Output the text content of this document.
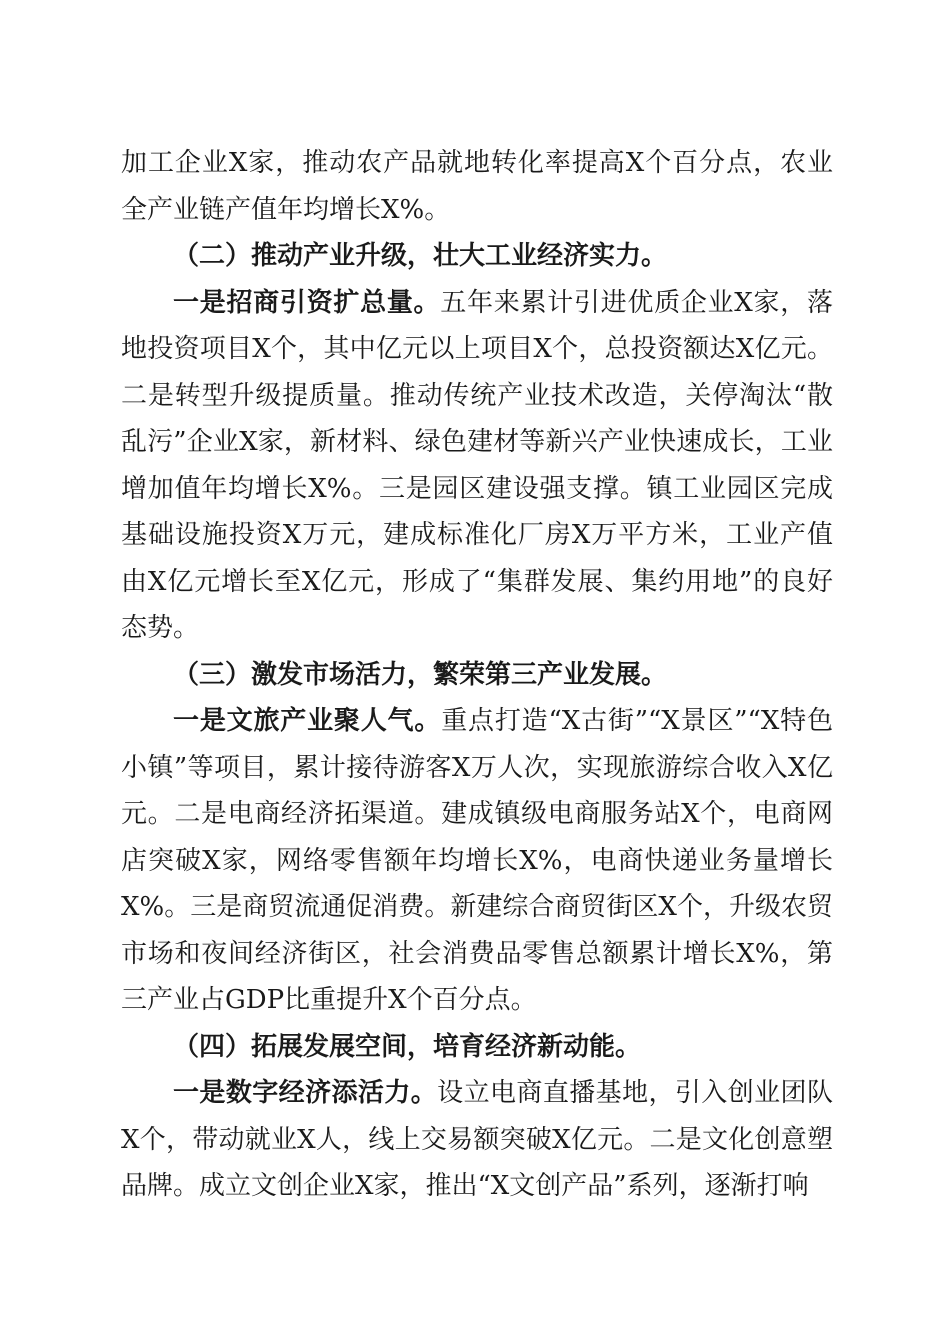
加工企业X家，推动农产品就地转化率提高X个百分点，农业全产业链产值年均增长X%。

（二）推动产业升级，壮大工业经济实力。

一是招商引资扩总量。五年来累计引进优质企业X家，落地投资项目X个，其中亿元以上项目X个，总投资额达X亿元。二是转型升级提质量。推动传统产业技术改造，关停淘汰“散乱污”企业X家，新材料、绿色建材等新兴产业快速成长，工业增加值年均增长X%。三是园区建设强支撑。镇工业园区完成基础设施投资X万元，建成标准化厂房X万平方米，工业产值由X亿元增长至X亿元，形成了“集群发展、集约用地”的良好态势。

（三）激发市场活力，繁荣第三产业发展。

一是文旅产业聚人气。重点打造“X古街”“X景区”“X特色小镇”等项目，累计接待游客X万人次，实现旅游综合收入X亿元。二是电商经济拓渠道。建成镇级电商服务站X个，电商网店突破X家，网络零售额年均增长X%，电商快递业务量增长X%。三是商贸流通促消费。新建综合商贸街区X个，升级农贸市场和夜间经济街区，社会消费品零售总额累计增长X%，第三产业占GDP比重提升X个百分点。

（四）拓展发展空间，培育经济新动能。

一是数字经济添活力。设立电商直播基地，引入创业团队X个，带动就业X人，线上交易额突破X亿元。二是文化创意塑品牌。成立文创企业X家，推出“X文创产品”系列，逐渐打响
